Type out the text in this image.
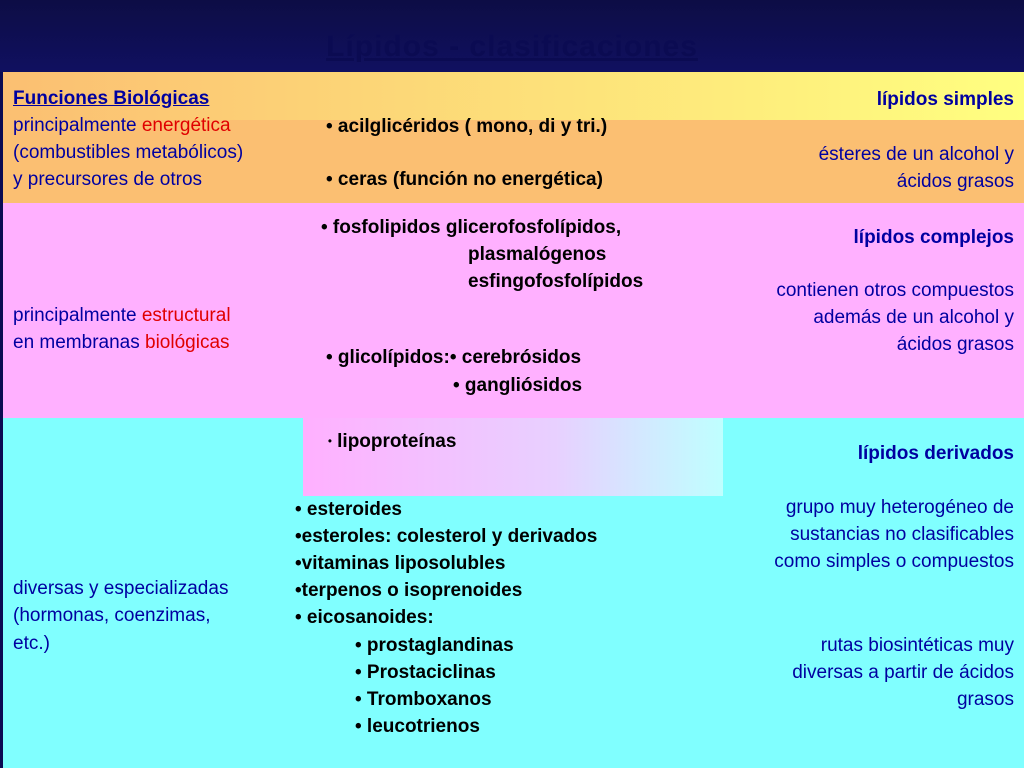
Lípidos - clasificaciones
Funciones Biológicas
principalmente energética
(combustibles metabólicos)
y precursores de otros
principalmente estructural
en membranas biológicas
diversas y especializadas
(hormonas, coenzimas,
etc.)
• acilglicéridos ( mono, di y tri.)
• ceras (función no energética)
• fosfolipidos glicerofosfolípidos,
plasmalógenos
esfingofosfolípidos
• glicolípidos:• cerebrósidos
• gangliósidos
• lipoproteínas
• esteroides
•esteroles: colesterol y derivados
•vitaminas liposolubles
•terpenos o isoprenoides
• eicosanoides:
• prostaglandinas
• Prostaciclinas
• Tromboxanos
• leucotrienos
lípidos simples
ésteres de un alcohol y
ácidos grasos
lípidos complejos
contienen otros compuestos
además de un alcohol y
ácidos grasos
lípidos derivados
grupo muy heterogéneo de
sustancias no clasificables
como simples o compuestos
rutas biosintéticas muy
diversas a partir de ácidos
grasos
